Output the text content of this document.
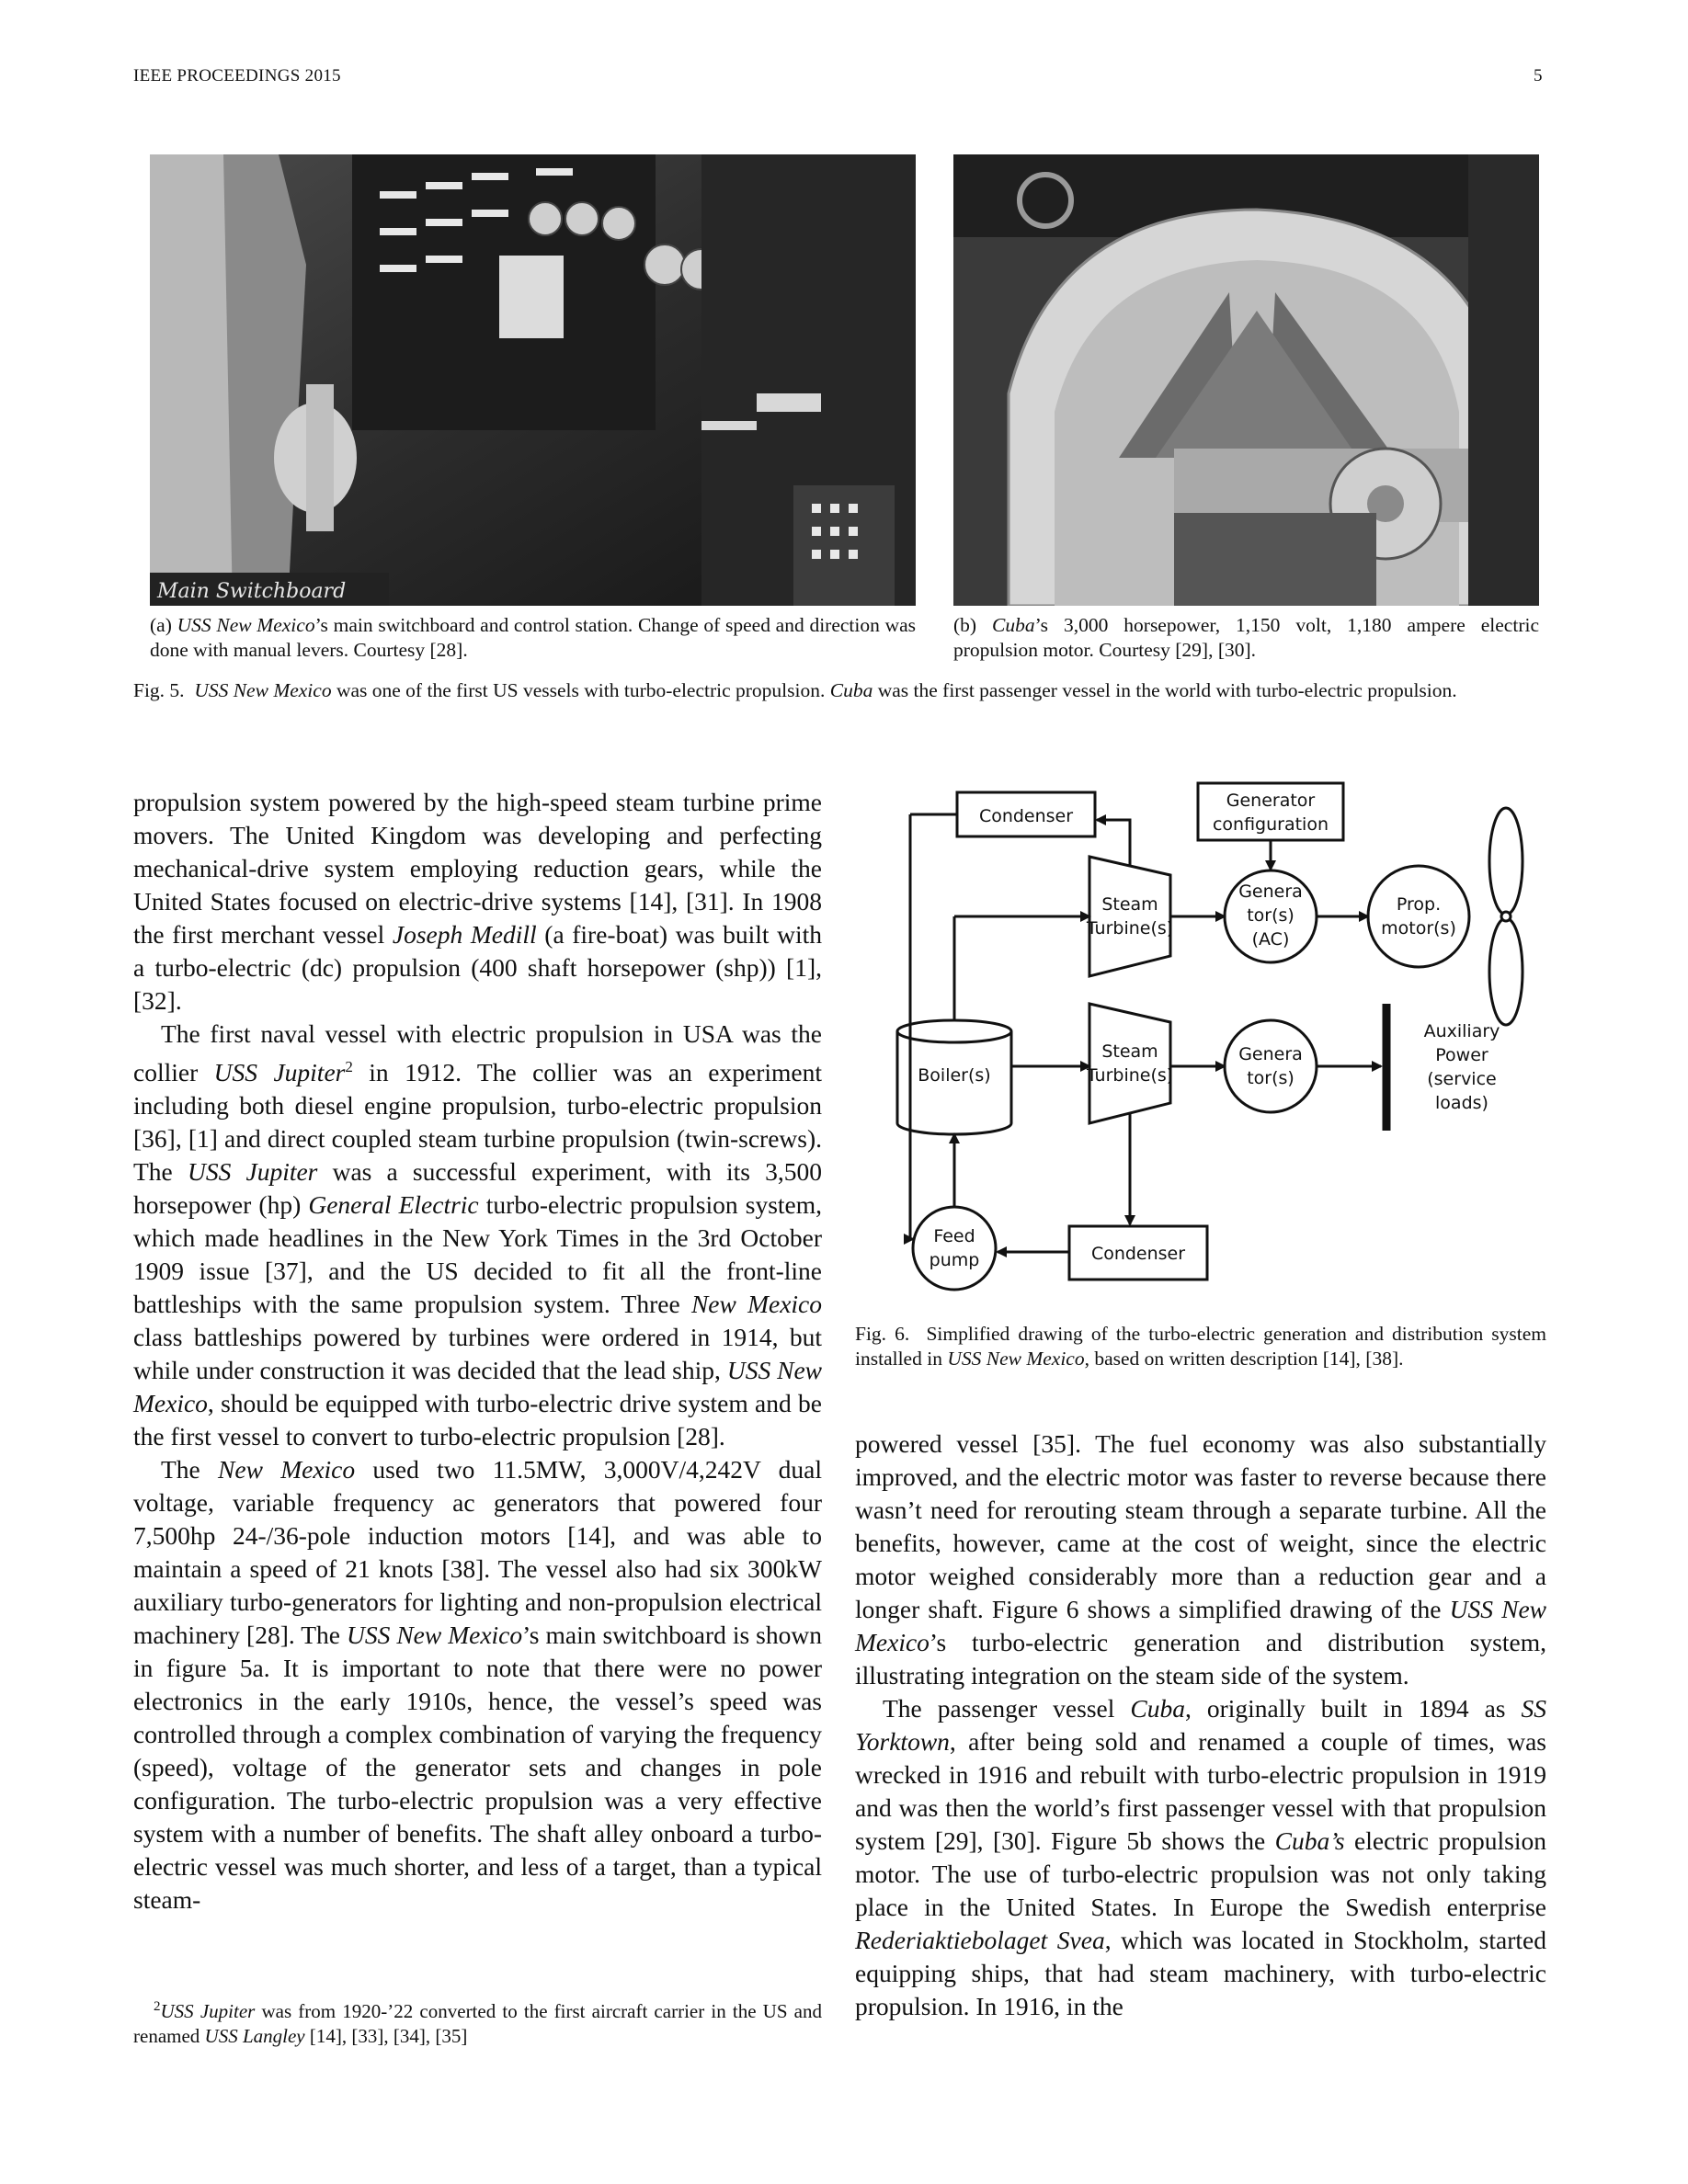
IEEE PROCEEDINGS 2015	5
Main Switchboard
(a) USS New Mexico’s main switchboard and control station. Change of speed and direction was done with manual levers. Courtesy [28].
(b) Cuba’s 3,000 horsepower, 1,150 volt, 1,180 ampere electric propulsion motor. Courtesy [29], [30].
Fig. 5. USS New Mexico was one of the first US vessels with turbo-electric propulsion. Cuba was the first passenger vessel in the world with turbo-electric propulsion.

propulsion system powered by the high-speed steam turbine prime movers. The United Kingdom was developing and perfecting mechanical-drive system employing reduction gears, while the United States focused on electric-drive systems [14], [31]. In 1908 the first merchant vessel Joseph Medill (a fire-boat) was built with a turbo-electric (dc) propulsion (400 shaft horsepower (shp)) [1], [32].

The first naval vessel with electric propulsion in USA was the collier USS Jupiter$^2$ in 1912. The collier was an experiment including both diesel engine propulsion, turbo-electric propulsion [36], [1] and direct coupled steam turbine propulsion (twin-screws). The USS Jupiter was a successful experiment, with its 3,500 horsepower (hp) General Electric turbo-electric propulsion system, which made headlines in the New York Times in the 3rd October 1909 issue [37], and the US decided to fit all the front-line battleships with the same propulsion system. Three New Mexico class battleships powered by turbines were ordered in 1914, but while under construction it was decided that the lead ship, USS New Mexico, should be equipped with turbo-electric drive system and be the first vessel to convert to turbo-electric propulsion [28].

The New Mexico used two 11.5MW, 3,000V/4,242V dual voltage, variable frequency ac generators that powered four 7,500hp 24-/36-pole induction motors [14], and was able to maintain a speed of 21 knots [38]. The vessel also had six 300kW auxiliary turbo-generators for lighting and non-propulsion electrical machinery [28]. The USS New Mexico’s main switchboard is shown in figure 5a. It is important to note that there were no power electronics in the early 1910s, hence, the vessel’s speed was controlled through a complex combination of varying the frequency (speed), voltage of the generator sets and changes in pole configuration. The turbo-electric propulsion was a very effective system with a number of benefits. The shaft alley onboard a turbo-electric vessel was much shorter, and less of a target, than a typical steam-

$^2$USS Jupiter was from 1920-’22 converted to the first aircraft carrier in the US and renamed USS Langley [14], [33], [34], [35]
Condenser
Generator
configuration
Steam
Turbine(s)
Genera
tor(s)
(AC)
Prop.
motor(s)
Boiler(s)
Steam
Turbine(s)
Genera
tor(s)
Auxiliary
Power
(service
loads)
Feed
pump	Condenser
Fig. 6. Simplified drawing of the turbo-electric generation and distribution system installed in USS New Mexico, based on written description [14], [38].

powered vessel [35]. The fuel economy was also substantially improved, and the electric motor was faster to reverse because there wasn’t need for rerouting steam through a separate turbine. All the benefits, however, came at the cost of weight, since the electric motor weighed considerably more than a reduction gear and a longer shaft. Figure 6 shows a simplified drawing of the USS New Mexico’s turbo-electric generation and distribution system, illustrating integration on the steam side of the system.

The passenger vessel Cuba, originally built in 1894 as SS Yorktown, after being sold and renamed a couple of times, was wrecked in 1916 and rebuilt with turbo-electric propulsion in 1919 and was then the world’s first passenger vessel with that propulsion system [29], [30]. Figure 5b shows the Cuba’s electric propulsion motor. The use of turbo-electric propulsion was not only taking place in the United States. In Europe the Swedish enterprise Rederiaktiebolaget Svea, which was located in Stockholm, started equipping ships, that had steam machinery, with turbo-electric propulsion. In 1916, in the
